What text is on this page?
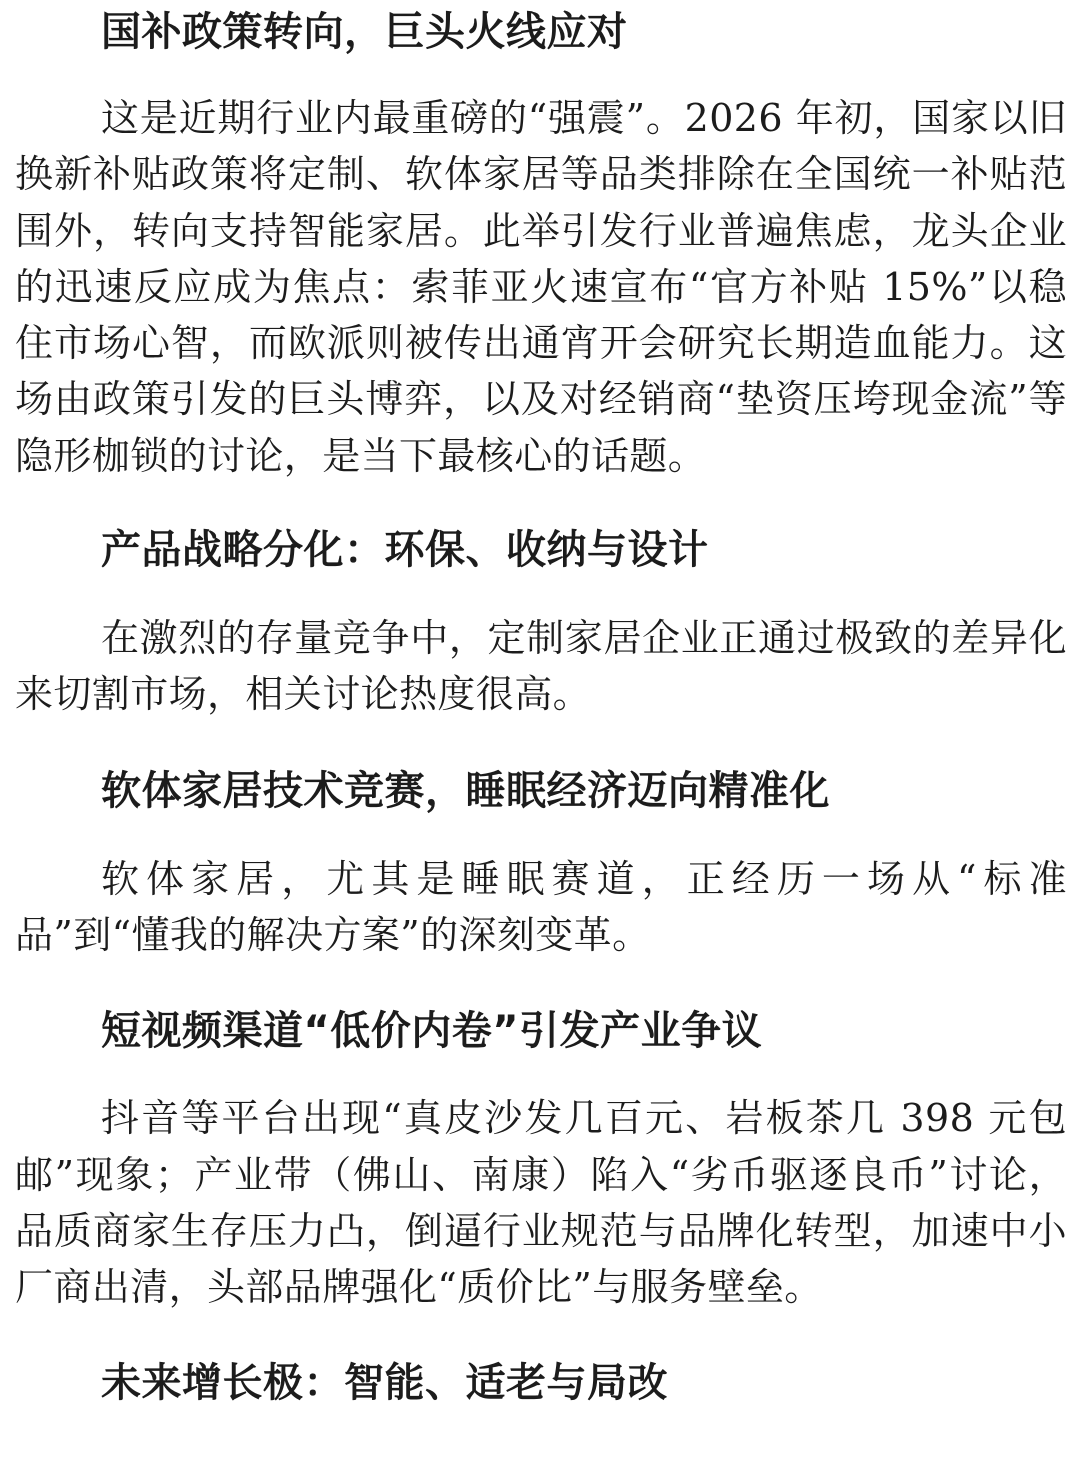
国补政策转向，巨头火线应对

这是近期行业内最重磅的“强震”。2026 年初，国家以旧换新补贴政策将定制、软体家居等品类排除在全国统一补贴范围外，转向支持智能家居。此举引发行业普遍焦虑，龙头企业的迅速反应成为焦点：索菲亚火速宣布“官方补贴 15%”以稳住市场心智，而欧派则被传出通宵开会研究长期造血能力。这场由政策引发的巨头博弈，以及对经销商“垫资压垮现金流”等隐形枷锁的讨论，是当下最核心的话题。

产品战略分化：环保、收纳与设计

在激烈的存量竞争中，定制家居企业正通过极致的差异化来切割市场，相关讨论热度很高。

软体家居技术竞赛，睡眠经济迈向精准化

软体家居，尤其是睡眠赛道，正经历一场从“标准品”到“懂我的解决方案”的深刻变革。

短视频渠道“低价内卷”引发产业争议

抖音等平台出现“真皮沙发几百元、岩板茶几 398 元包邮”现象；产业带（佛山、南康）陷入“劣币驱逐良币”讨论，品质商家生存压力凸，倒逼行业规范与品牌化转型，加速中小厂商出清，头部品牌强化“质价比”与服务壁垒。

未来增长极：智能、适老与局改
